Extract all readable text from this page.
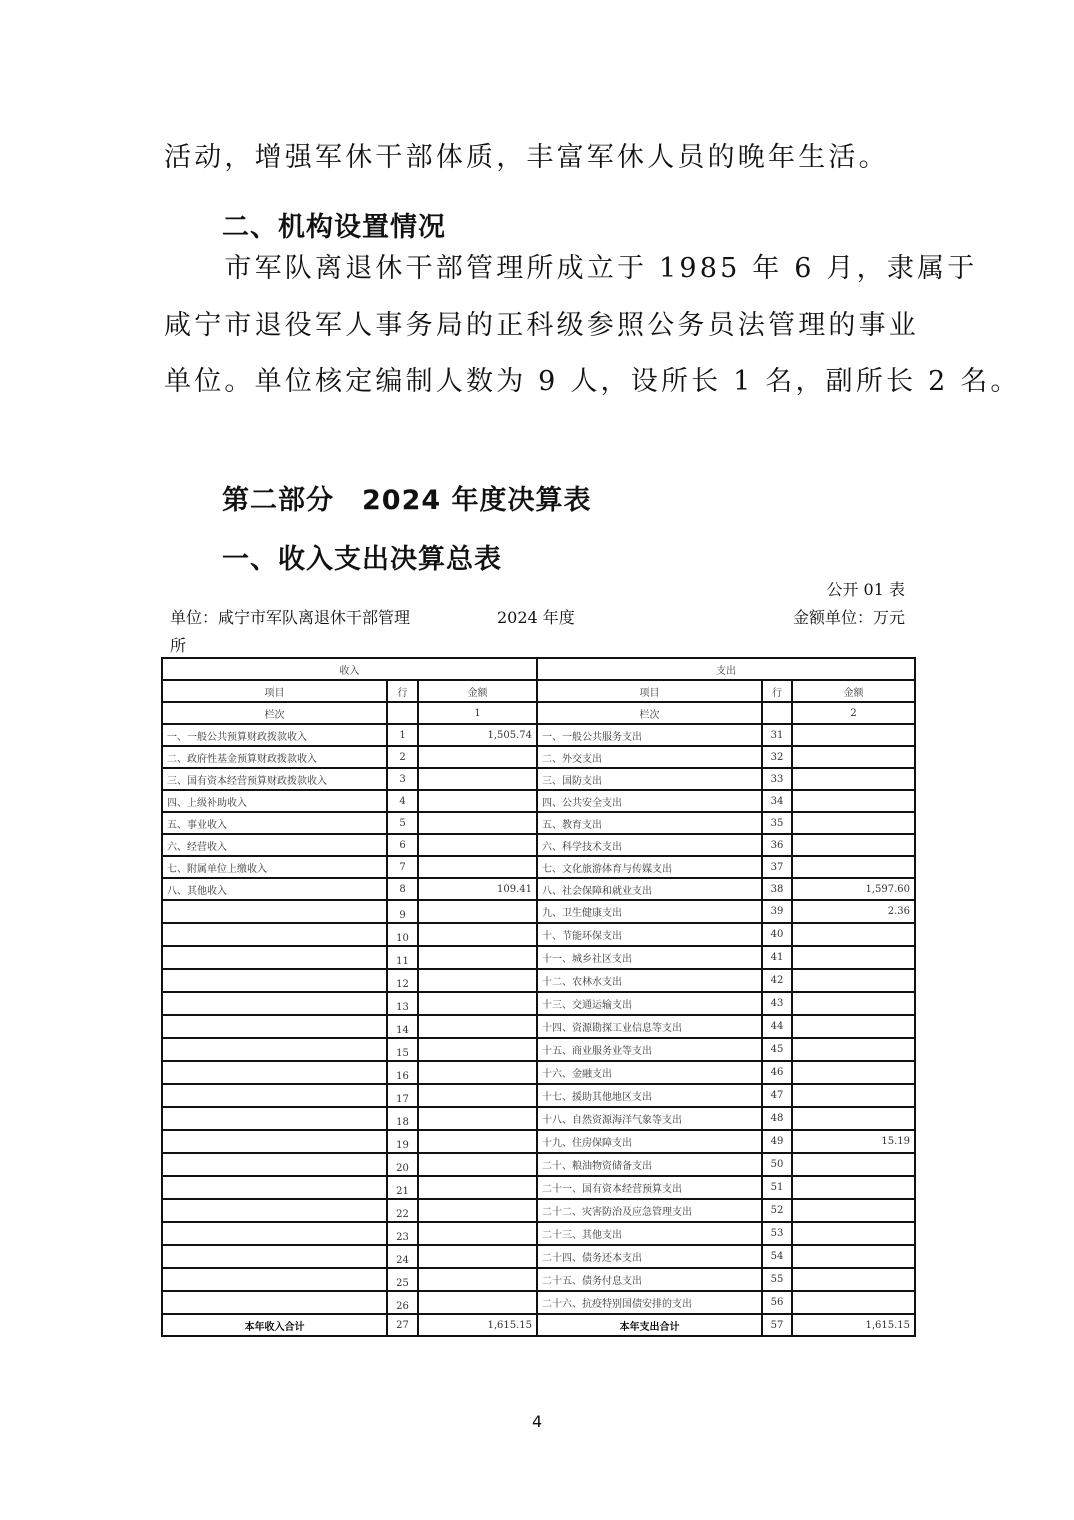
活动，增强军休干部体质，丰富军休人员的晚年生活。
二、机构设置情况
　　市军队离退休干部管理所成立于 1985 年 6 月，隶属于
咸宁市退役军人事务局的正科级参照公务员法管理的事业
单位。单位核定编制人数为 9 人，设所长 1 名，副所长 2 名。
第二部分　2024 年度决算表
一、收入支出决算总表
公开 01 表
单位：咸宁市军队离退休干部管理
所
2024 年度	金额单位：万元
收入			支出		
项目	行	金额	项目	行	金额
栏次		1	栏次		2
一、一般公共预算财政拨款收入	1	1,505.74	一、一般公共服务支出	31	
二、政府性基金预算财政拨款收入	2		二、外交支出	32	
三、国有资本经营预算财政拨款收入	3		三、国防支出	33	
四、上级补助收入	4		四、公共安全支出	34	
五、事业收入	5		五、教育支出	35	
六、经营收入	6		六、科学技术支出	36	
七、附属单位上缴收入	7		七、文化旅游体育与传媒支出	37	
八、其他收入	8	109.41	八、社会保障和就业支出	38	1,597.60
	9		九、卫生健康支出	39	2.36
	10		十、节能环保支出	40	
	11		十一、城乡社区支出	41	
	12		十二、农林水支出	42	
	13		十三、交通运输支出	43	
	14		十四、资源勘探工业信息等支出	44	
	15		十五、商业服务业等支出	45	
	16		十六、金融支出	46	
	17		十七、援助其他地区支出	47	
	18		十八、自然资源海洋气象等支出	48	
	19		十九、住房保障支出	49	15.19
	20		二十、粮油物资储备支出	50	
	21		二十一、国有资本经营预算支出	51	
	22		二十二、灾害防治及应急管理支出	52	
	23		二十三、其他支出	53	
	24		二十四、债务还本支出	54	
	25		二十五、债务付息支出	55	
	26		二十六、抗疫特别国债安排的支出	56	
本年收入合计	27	1,615.15	本年支出合计	57	1,615.15
4
